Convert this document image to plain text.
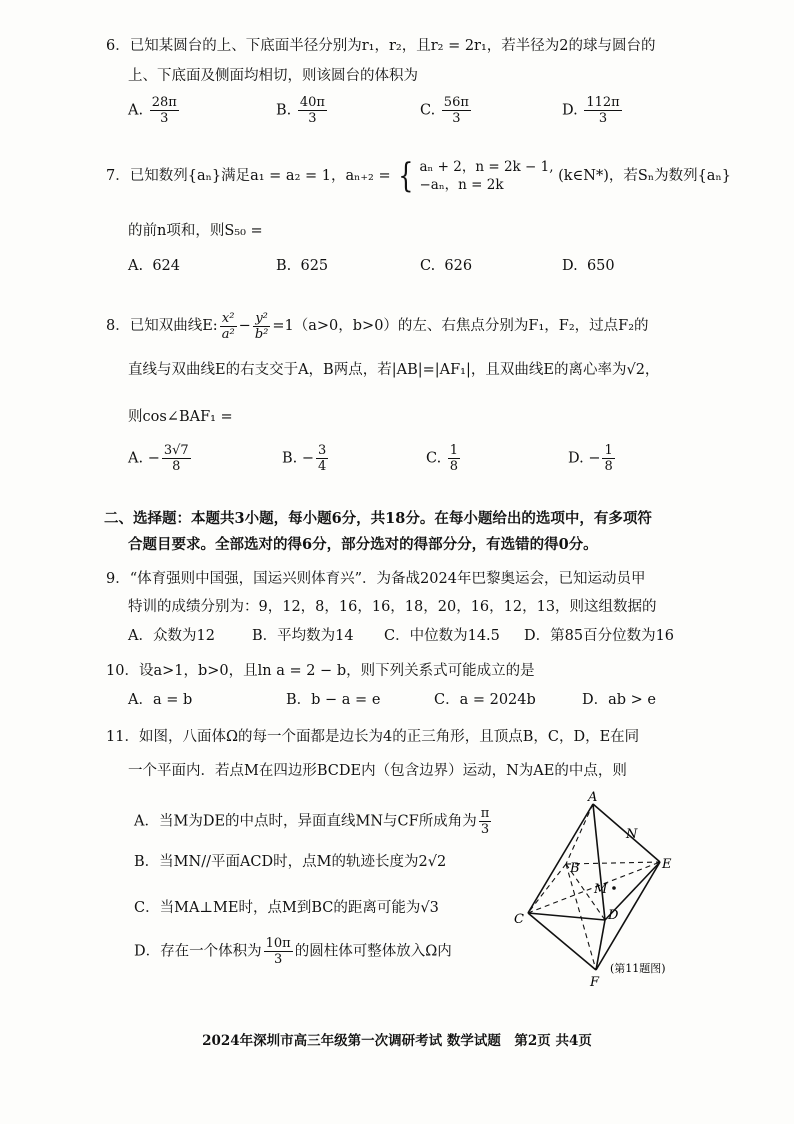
6．已知某圆台的上、下底面半径分别为r₁，r₂，且r₂ = 2r₁，若半径为2的球与圆台的
上、下底面及侧面均相切，则该圆台的体积为
A. $\frac{28\pi}{3}$	B. $\frac{40\pi}{3}$	C. $\frac{56\pi}{3}$	D. $\frac{112\pi}{3}$
7．已知数列{aₙ}满足a₁ = a₂ = 1，aₙ₊₂ = { aₙ + 2，n = 2k − 1,
−aₙ，n = 2k
(k∈N*)，若Sₙ为数列{aₙ}
的前n项和，则S₅₀ =
A. 624	B. 625	C. 626	D. 650
8．已知双曲线E: $\frac{\text{x²}}{\text{a²}} - \frac{\text{y²}}{\text{b²}} =1(a>0$，b>0）的左、右焦点分别为F₁，F₂，过点F₂的
直线与双曲线E的右支交于A，B两点，若|AB|=|AF₁|，且双曲线E的离心率为√2，
则cos∠BAF₁ =
A. − $\frac{3√7}{8}$	B. − $\frac{3}{4}$	C. $\frac{1}{8}$	D. − $\frac{1}{8}$
二、选择题：本题共3小题，每小题6分，共18分。在每小题给出的选项中，有多项符
合题目要求。全部选对的得6分，部分选对的得部分分，有选错的得0分。
9．“体育强则中国强，国运兴则体育兴”．为备战2024年巴黎奥运会，已知运动员甲
特训的成绩分别为：9，12，8，16，16，18，20，16，12，13，则这组数据的
A．众数为12	B．平均数为14 C．中位数为14.5 D．第85百分位数为16
10．设a>1，b>0，且ln a = 2 − b，则下列关系式可能成立的是
A．a = b	B．b − a = e	C．a = 2024b	D．ab > e
11．如图，八面体Ω的每一个面都是边长为4的正三角形，且顶点B，C，D，E在同
一个平面内．若点M在四边形BCDE内（包含边界）运动，N为AE的中点，则
A．当M为DE的中点时，异面直线MN与CF所成角为 $\frac{\pi}{3}$
B．当MN//平面ACD时，点M的轨迹长度为2√2
C．当MA⊥ME时，点M到BC的距离可能为√3
D．存在一个体积为 $\frac{10\pi}{3}$ 的圆柱体可整体放入Ω内
A
B
C	D
E
F
M
N
(第11题图)
2024年深圳市高三年级第一次调研考试 数学试题　第2页 共4页
